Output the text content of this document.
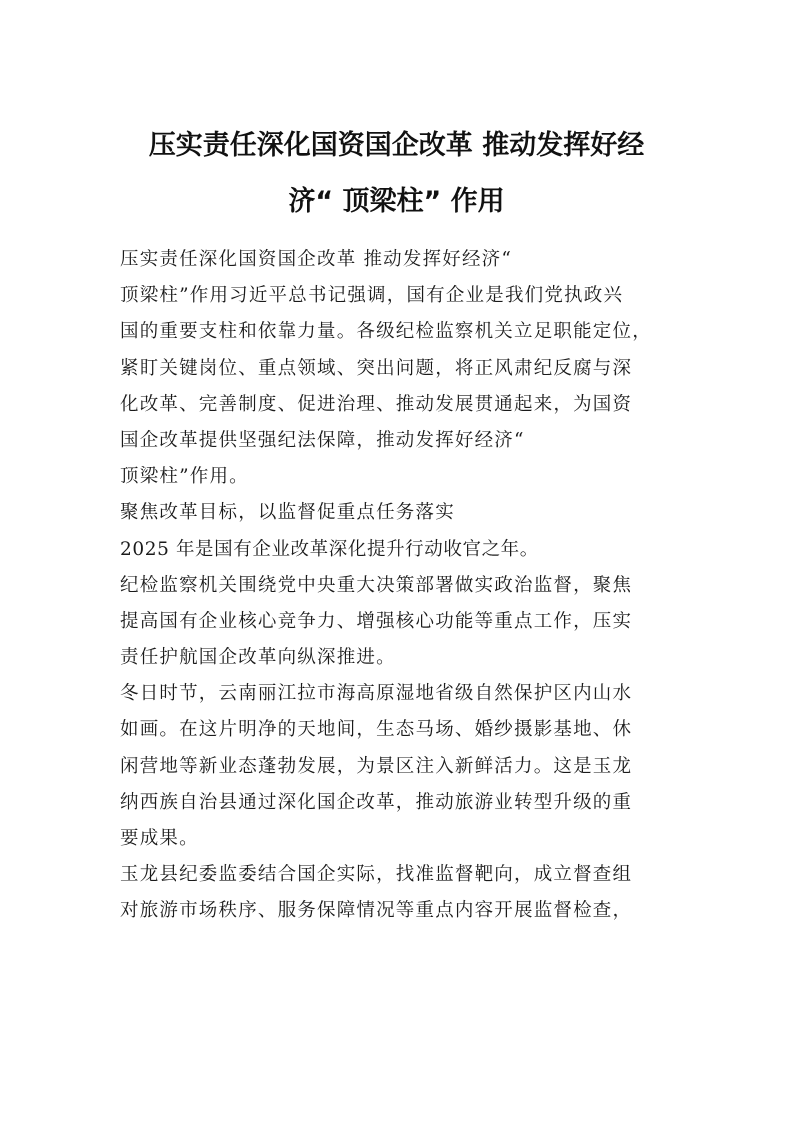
压实责任深化国资国企改革 推动发挥好经
济“ 顶梁柱” 作用
压实责任深化国资国企改革 推动发挥好经济“
顶梁柱”作用习近平总书记强调，国有企业是我们党执政兴
国的重要支柱和依靠力量。各级纪检监察机关立足职能定位，
紧盯关键岗位、重点领域、突出问题，将正风肃纪反腐与深
化改革、完善制度、促进治理、推动发展贯通起来，为国资
国企改革提供坚强纪法保障，推动发挥好经济“
顶梁柱”作用。
聚焦改革目标，以监督促重点任务落实
2025 年是国有企业改革深化提升行动收官之年。
纪检监察机关围绕党中央重大决策部署做实政治监督，聚焦
提高国有企业核心竞争力、增强核心功能等重点工作，压实
责任护航国企改革向纵深推进。
冬日时节，云南丽江拉市海高原湿地省级自然保护区内山水
如画。在这片明净的天地间，生态马场、婚纱摄影基地、休
闲营地等新业态蓬勃发展，为景区注入新鲜活力。这是玉龙
纳西族自治县通过深化国企改革，推动旅游业转型升级的重
要成果。
玉龙县纪委监委结合国企实际，找准监督靶向，成立督查组
对旅游市场秩序、服务保障情况等重点内容开展监督检查，
